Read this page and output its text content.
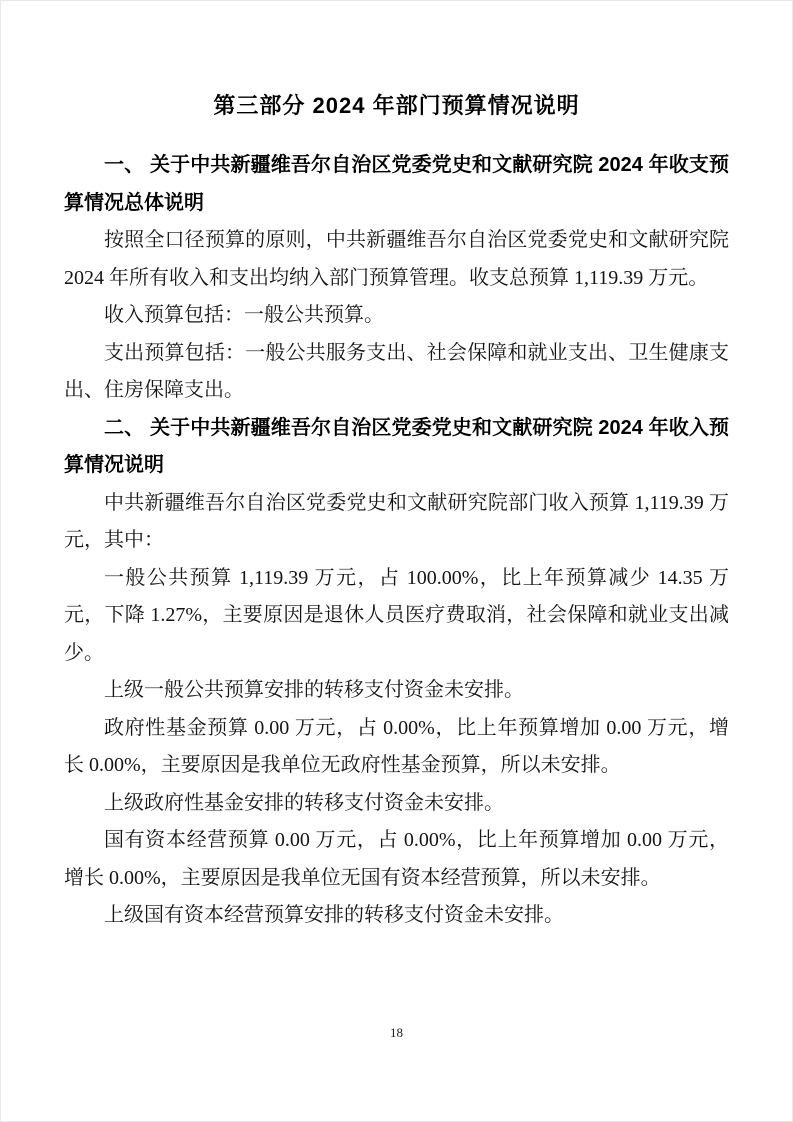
第三部分 2024 年部门预算情况说明
一、 关于中共新疆维吾尔自治区党委党史和文献研究院 2024 年收支预算情况总体说明

按照全口径预算的原则，中共新疆维吾尔自治区党委党史和文献研究院 2024 年所有收入和支出均纳入部门预算管理。收支总预算 1,119.39 万元。

收入预算包括：一般公共预算。

支出预算包括：一般公共服务支出、社会保障和就业支出、卫生健康支出、住房保障支出。

二、 关于中共新疆维吾尔自治区党委党史和文献研究院 2024 年收入预算情况说明

中共新疆维吾尔自治区党委党史和文献研究院部门收入预算 1,119.39 万元，其中：

一般公共预算 1,119.39 万元，占 100.00%，比上年预算减少 14.35 万元，下降 1.27%，主要原因是退休人员医疗费取消，社会保障和就业支出减少。

上级一般公共预算安排的转移支付资金未安排。

政府性基金预算 0.00 万元，占 0.00%，比上年预算增加 0.00 万元，增长 0.00%，主要原因是我单位无政府性基金预算，所以未安排。

上级政府性基金安排的转移支付资金未安排。

国有资本经营预算 0.00 万元，占 0.00%，比上年预算增加 0.00 万元，增长 0.00%，主要原因是我单位无国有资本经营预算，所以未安排。

上级国有资本经营预算安排的转移支付资金未安排。

18
